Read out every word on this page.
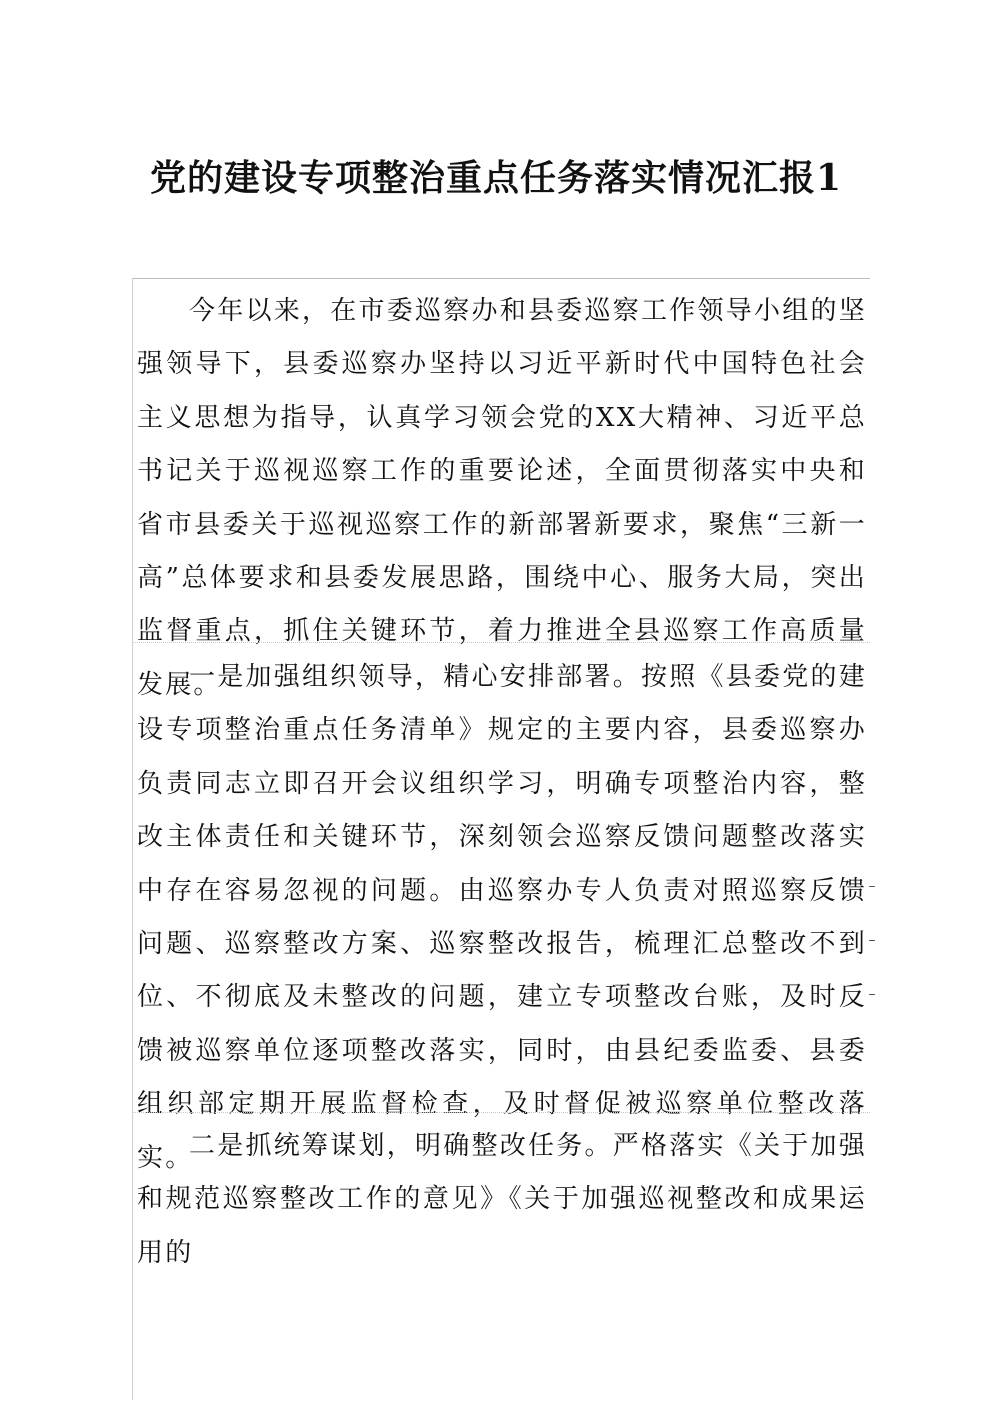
党的建设专项整治重点任务落实情况汇报1

今年以来，在市委巡察办和县委巡察工作领导小组的坚强领导下，县委巡察办坚持以习近平新时代中国特色社会主义思想为指导，认真学习领会党的XX大精神、习近平总书记关于巡视巡察工作的重要论述，全面贯彻落实中央和省市县委关于巡视巡察工作的新部署新要求，聚焦“三新一高”总体要求和县委发展思路，围绕中心、服务大局，突出监督重点，抓住关键环节，着力推进全县巡察工作高质量发展。

一是加强组织领导，精心安排部署。按照《县委党的建设专项整治重点任务清单》规定的主要内容，县委巡察办负责同志立即召开会议组织学习，明确专项整治内容，整改主体责任和关键环节，深刻领会巡察反馈问题整改落实中存在容易忽视的问题。由巡察办专人负责对照巡察反馈问题、巡察整改方案、巡察整改报告，梳理汇总整改不到位、不彻底及未整改的问题，建立专项整改台账，及时反馈被巡察单位逐项整改落实，同时，由县纪委监委、县委组织部定期开展监督检查，及时督促被巡察单位整改落实。

二是抓统筹谋划，明确整改任务。严格落实《关于加强和规范巡察整改工作的意见》《关于加强巡视整改和成果运用的
